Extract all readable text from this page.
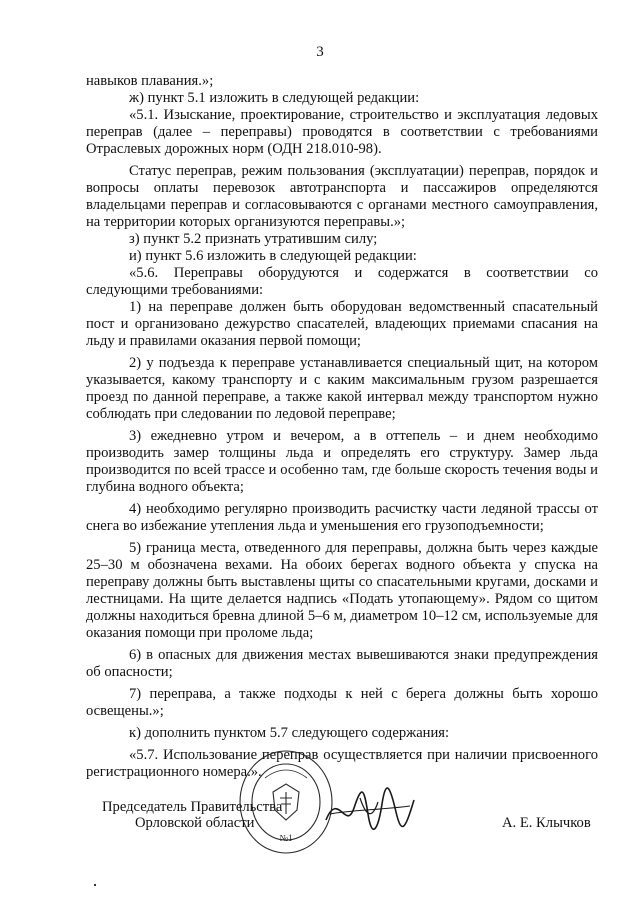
3

навыков плавания.»;

ж) пункт 5.1 изложить в следующей редакции:

«5.1. Изыскание, проектирование, строительство и эксплуатация ледовых переправ (далее – переправы) проводятся в соответствии с требованиями Отраслевых дорожных норм (ОДН 218.010-98).

Статус переправ, режим пользования (эксплуатации) переправ, порядок и вопросы оплаты перевозок автотранспорта и пассажиров определяются владельцами переправ и согласовываются с органами местного самоуправления, на территории которых организуются переправы.»;

з) пункт 5.2 признать утратившим силу;

и) пункт 5.6 изложить в следующей редакции:

«5.6. Переправы оборудуются и содержатся в соответствии со следующими требованиями:

1) на переправе должен быть оборудован ведомственный спасательный пост и организовано дежурство спасателей, владеющих приемами спасания на льду и правилами оказания первой помощи;

2) у подъезда к переправе устанавливается специальный щит, на котором указывается, какому транспорту и с каким максимальным грузом разрешается проезд по данной переправе, а также какой интервал между транспортом нужно соблюдать при следовании по ледовой переправе;

3) ежедневно утром и вечером, а в оттепель – и днем необходимо производить замер толщины льда и определять его структуру. Замер льда производится по всей трассе и особенно там, где больше скорость течения воды и глубина водного объекта;

4) необходимо регулярно производить расчистку части ледяной трассы от снега во избежание утепления льда и уменьшения его грузоподъемности;

5) граница места, отведенного для переправы, должна быть через каждые 25–30 м обозначена вехами. На обоих берегах водного объекта у спуска на переправу должны быть выставлены щиты со спасательными кругами, досками и лестницами. На щите делается надпись «Подать утопающему». Рядом со щитом должны находиться бревна длиной 5–6 м, диаметром 10–12 см, используемые для оказания помощи при проломе льда;

6) в опасных для движения местах вывешиваются знаки предупреждения об опасности;

7) переправа, а также подходы к ней с берега должны быть хорошо освещены.»;

к) дополнить пунктом 5.7 следующего содержания:

«5.7. Использование переправ осуществляется при наличии присвоенного регистрационного номера.».

№1
Председатель Правительства
Орловской области	А. Е. Клычков
